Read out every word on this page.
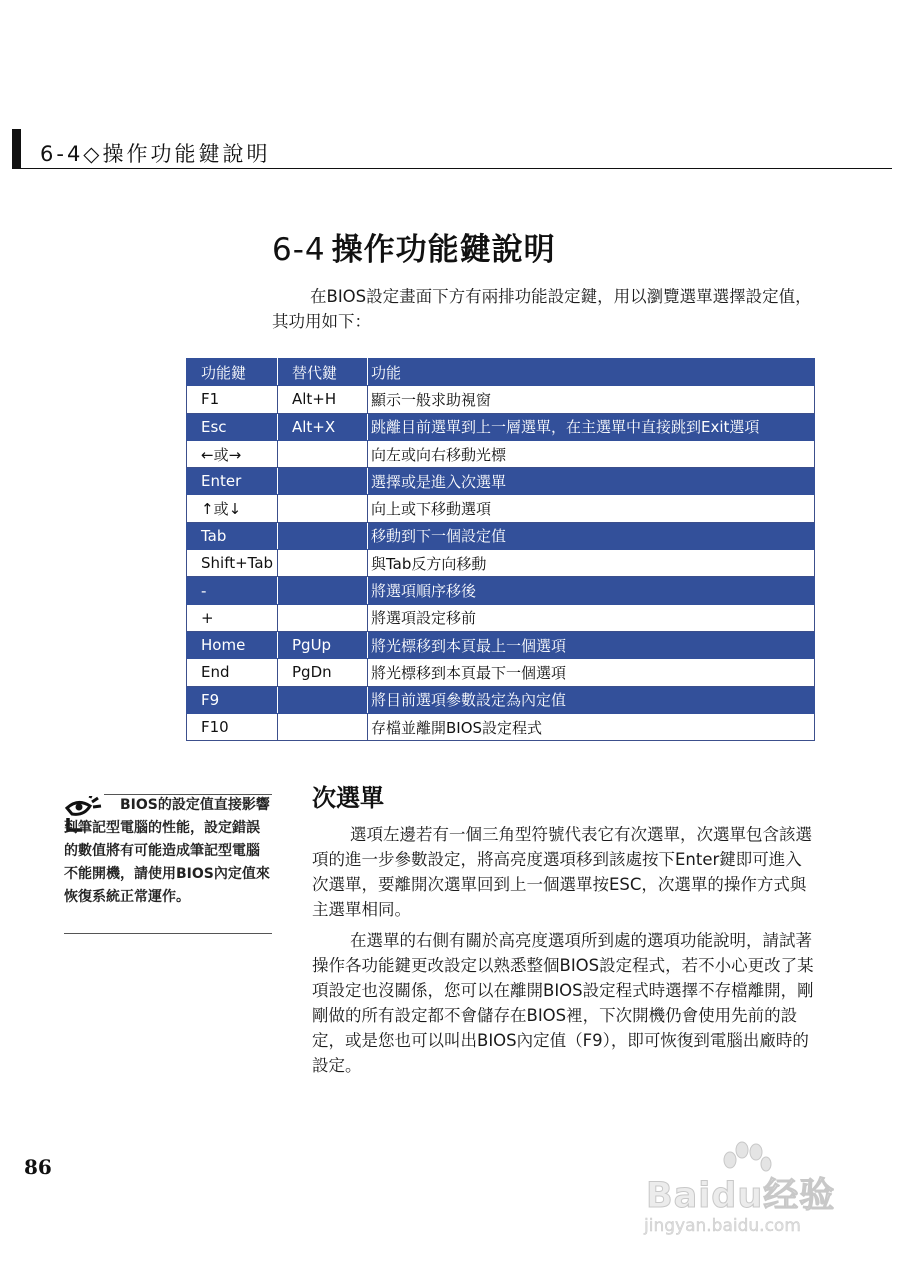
6-4◇操作功能鍵說明
6-4 操作功能鍵說明
在BIOS設定畫面下方有兩排功能設定鍵，用以瀏覽選單選擇設定值，其功用如下：
功能鍵	替代鍵	功能
F1	Alt+H	顯示一般求助視窗
Esc	Alt+X	跳離目前選單到上一層選單，在主選單中直接跳到Exit選項
←或→		向左或向右移動光標
Enter		選擇或是進入次選單
↑或↓		向上或下移動選項
Tab		移動到下一個設定值
Shift+Tab		與Tab反方向移動
-		將選項順序移後
+		將選項設定移前
Home	PgUp	將光標移到本頁最上一個選項
End	PgDn	將光標移到本頁最下一個選項
F9		將目前選項參數設定為內定值
F10		存檔並離開BIOS設定程式
BIOS的設定值直接影響到筆記型電腦的性能，設定錯誤的數值將有可能造成筆記型電腦不能開機，請使用BIOS內定值來恢復系統正常運作。
次選單
選項左邊若有一個三角型符號代表它有次選單，次選單包含該選項的進一步參數設定，將高亮度選項移到該處按下Enter鍵即可進入次選單，要離開次選單回到上一個選單按ESC，次選單的操作方式與主選單相同。
在選單的右側有關於高亮度選項所到處的選項功能說明，請試著操作各功能鍵更改設定以熟悉整個BIOS設定程式，若不小心更改了某項設定也沒關係，您可以在離開BIOS設定程式時選擇不存檔離開，剛剛做的所有設定都不會儲存在BIOS裡，下次開機仍會使用先前的設定，或是您也可以叫出BIOS內定值（F9），即可恢復到電腦出廠時的設定。
86
Baidu经验
jingyan.baidu.com
